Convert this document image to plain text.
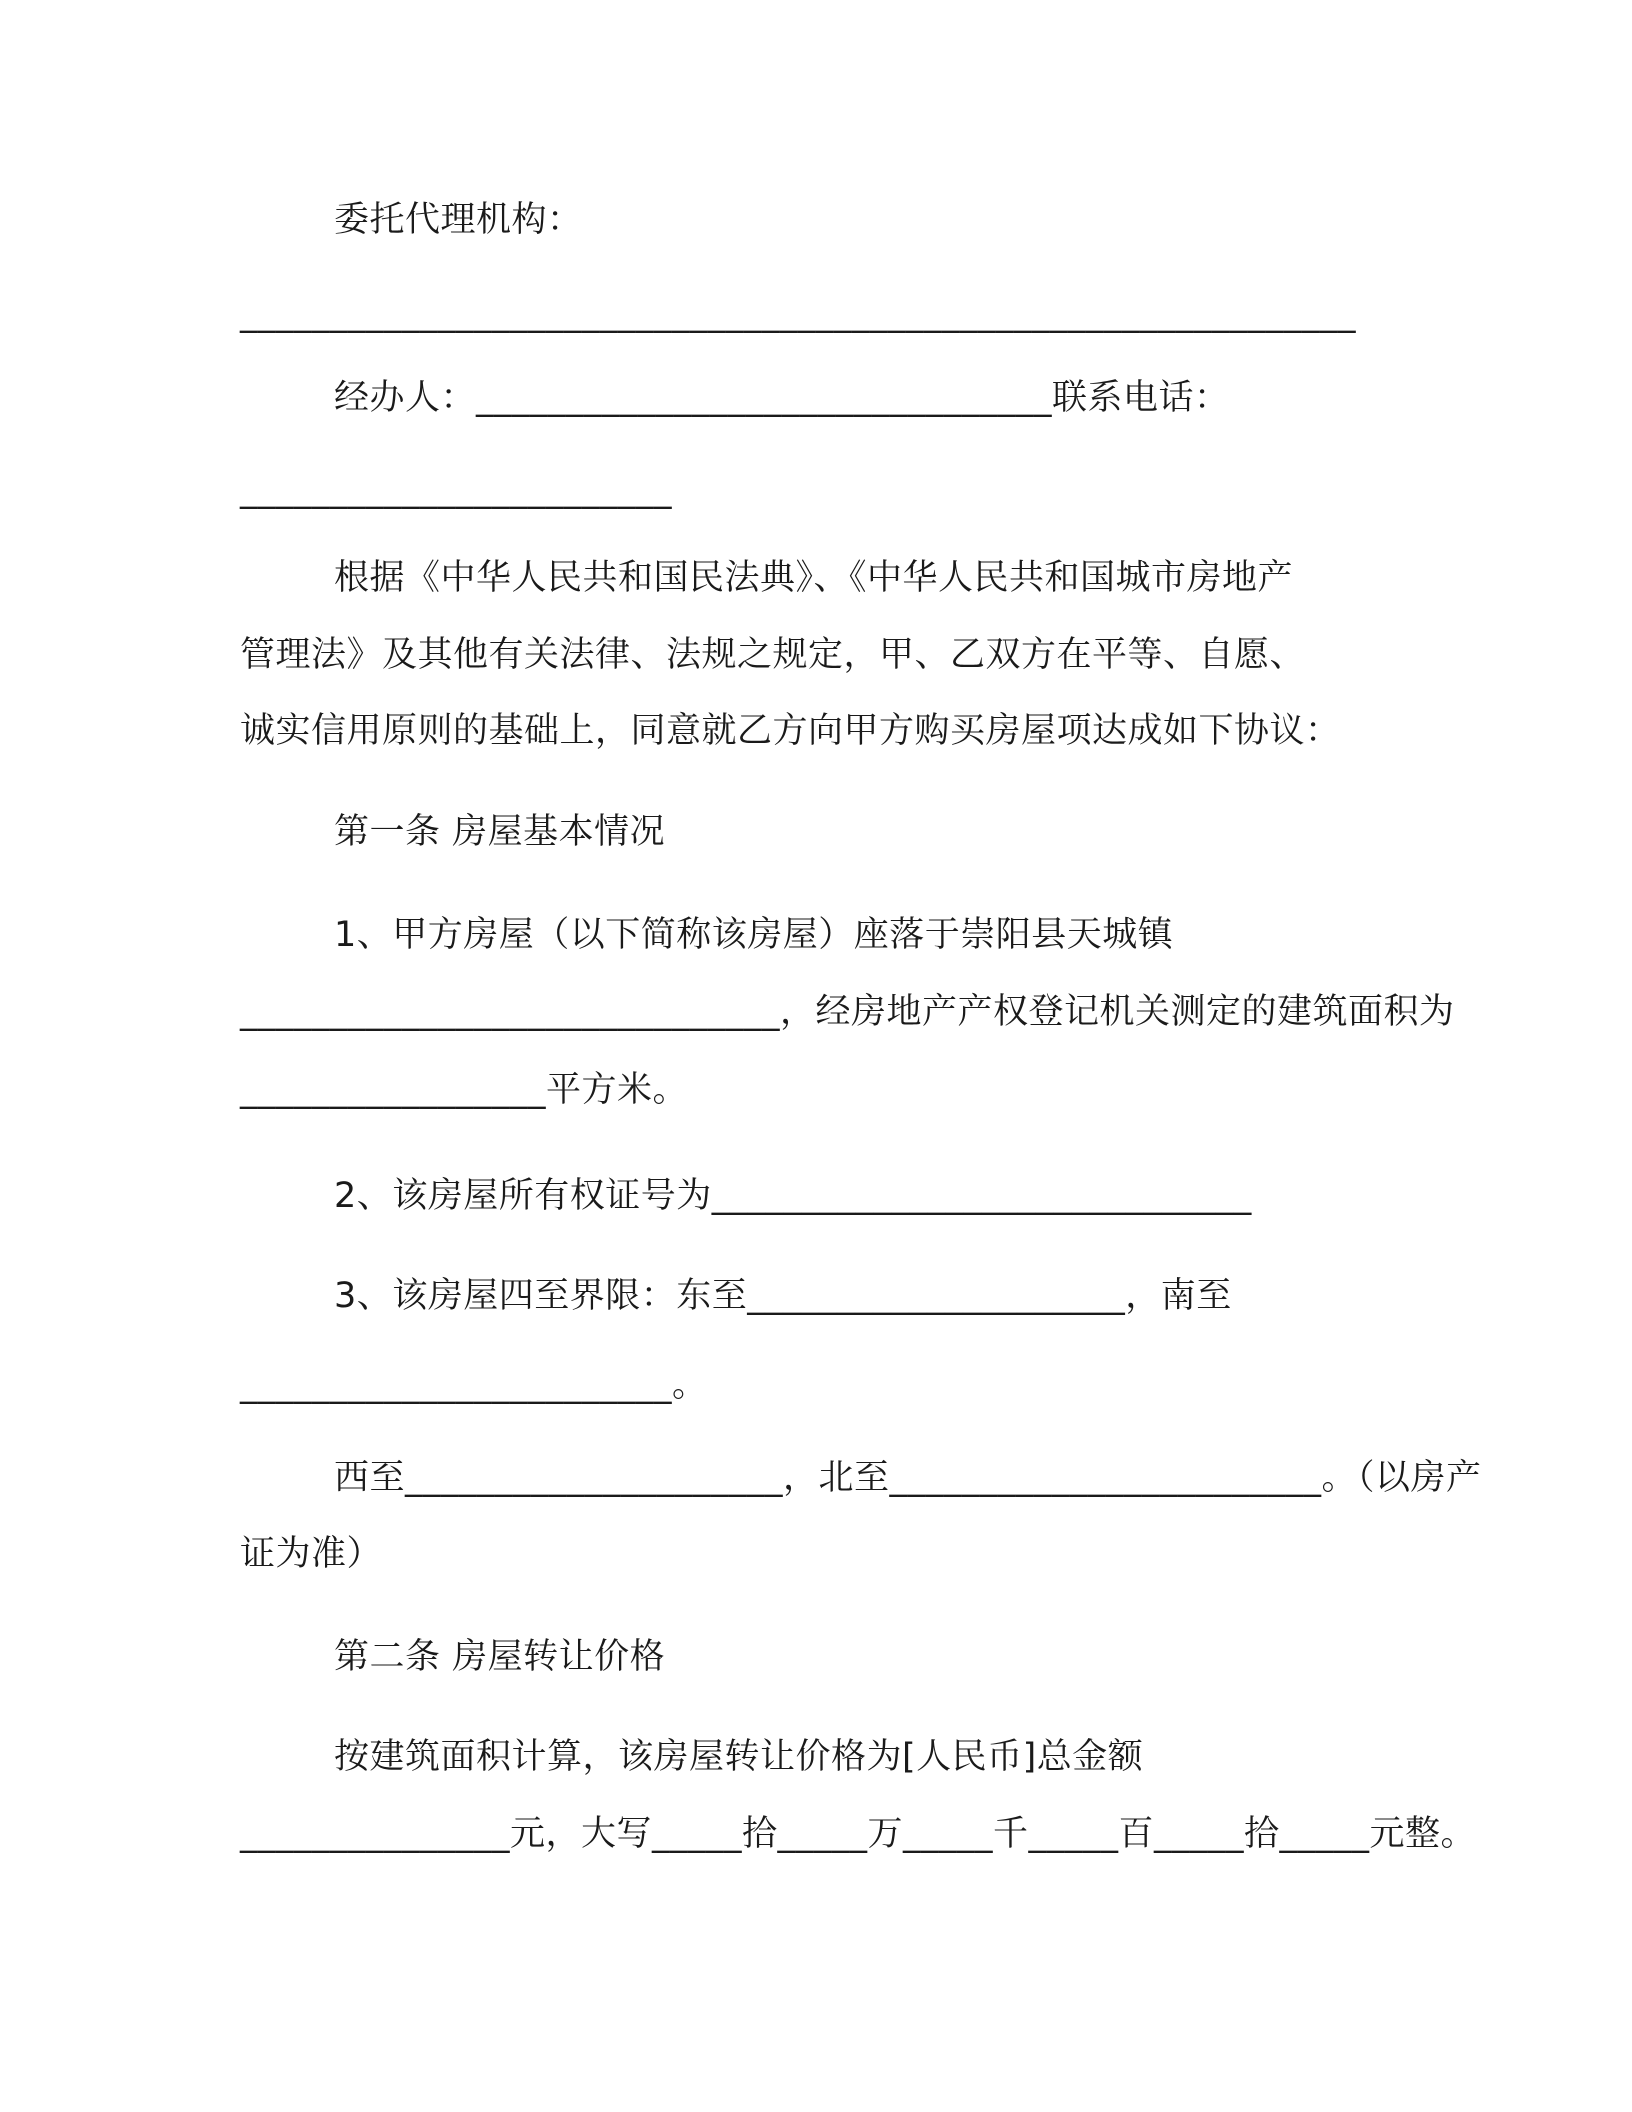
委托代理机构：
______________________________________________________________
经办人：________________________________联系电话：
________________________
根据《中华人民共和国民法典》、《中华人民共和国城市房地产
管理法》及其他有关法律、法规之规定，甲、乙双方在平等、自愿、
诚实信用原则的基础上，同意就乙方向甲方购买房屋项达成如下协议：
第一条 房屋基本情况
1、甲方房屋（以下简称该房屋）座落于崇阳县天城镇
______________________________，经房地产产权登记机关测定的建筑面积为
_________________平方米。
2、该房屋所有权证号为______________________________
3、该房屋四至界限：东至_____________________，南至
________________________。
西至_____________________，北至________________________。（以房产
证为准）
第二条 房屋转让价格
按建筑面积计算，该房屋转让价格为[人民币]总金额
_______________元，大写_____拾_____万_____千_____百_____拾_____元整。
